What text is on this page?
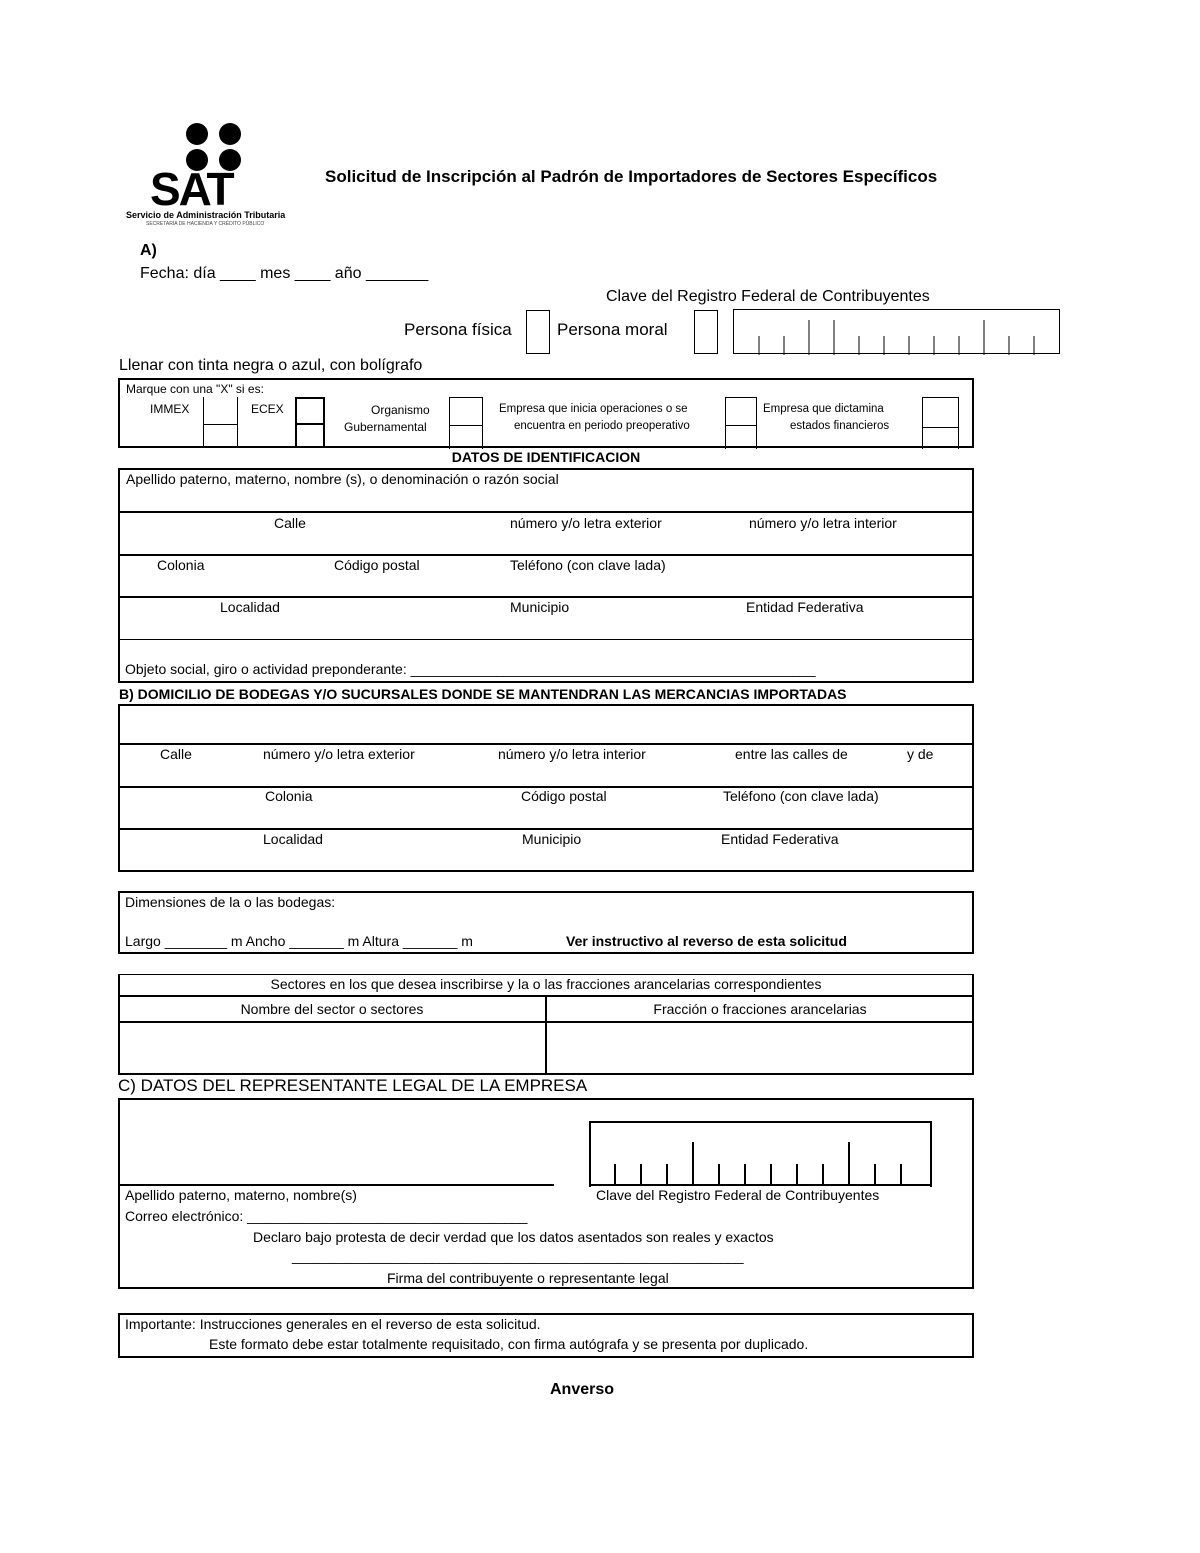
SAT
Servicio de Administración Tributaria
SECRETARÍA DE HACIENDA Y CRÉDITO PÚBLICO
Solicitud de Inscripción al Padrón de Importadores de Sectores Específicos
A)
Fecha: día ____ mes ____ año _______
Clave del Registro Federal de Contribuyentes
Persona física	Persona moral
Llenar con tinta negra o azul, con bolígrafo
Marque con una "X" si es:
IMMEX	ECEX	Organismo
Gubernamental
Empresa que inicia operaciones o se
encuentra en periodo preoperativo
Empresa que dictamina
estados financieros
DATOS DE IDENTIFICACION
Apellido paterno, materno, nombre (s), o denominación o razón social
Calle	número y/o letra exterior	número y/o letra interior
Colonia	Código postal	Teléfono (con clave lada)
Localidad	Municipio	Entidad Federativa
Objeto social, giro o actividad preponderante: ____________________________________________________
B) DOMICILIO DE BODEGAS Y/O SUCURSALES DONDE SE MANTENDRAN LAS MERCANCIAS IMPORTADAS
Calle	número y/o letra exterior	número y/o letra interior	entre las calles de	y de
Colonia	Código postal	Teléfono (con clave lada)
Localidad	Municipio	Entidad Federativa
Dimensiones de la o las bodegas:
Largo ________ m Ancho _______ m Altura _______ m	Ver instructivo al reverso de esta solicitud
Sectores en los que desea inscribirse y la o las fracciones arancelarias correspondientes
Nombre del sector o sectores	Fracción o fracciones arancelarias
C) DATOS DEL REPRESENTANTE LEGAL DE LA EMPRESA
Apellido paterno, materno, nombre(s)	Clave del Registro Federal de Contribuyentes
Correo electrónico: ____________________________________
Declaro bajo protesta de decir verdad que los datos asentados son reales y exactos
__________________________________________________________
Firma del contribuyente o representante legal
Importante: Instrucciones generales en el reverso de esta solicitud.
Este formato debe estar totalmente requisitado, con firma autógrafa y se presenta por duplicado.
Anverso
